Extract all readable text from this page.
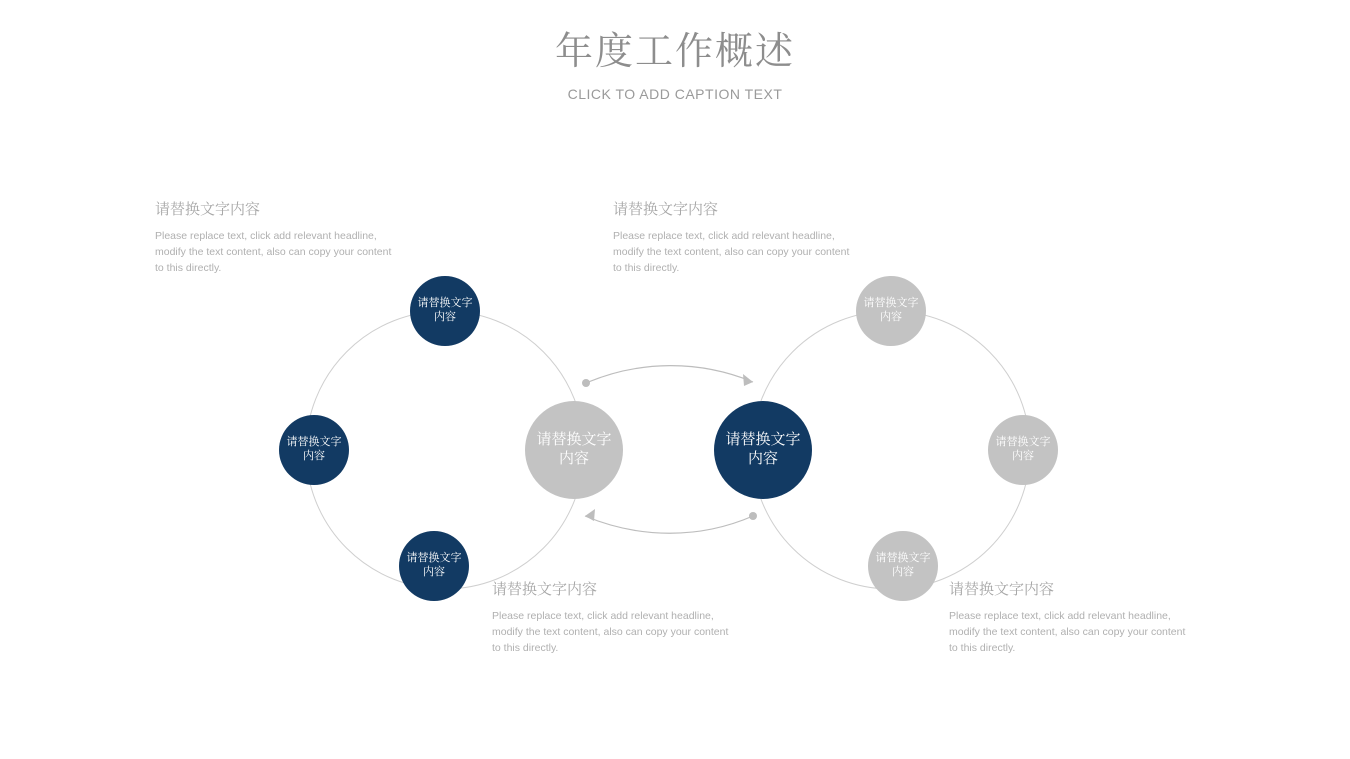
年度工作概述
CLICK TO ADD CAPTION TEXT
请替换文字内容
请替换文字内容
请替换文字内容
请替换文字内容
请替换文字内容
请替换文字内容
请替换文字内容
请替换文字内容
请替换文字内容
Please replace text, click add relevant headline, modify the text content, also can copy your content to this directly.
请替换文字内容
Please replace text, click add relevant headline, modify the text content, also can copy your content to this directly.
请替换文字内容
Please replace text, click add relevant headline, modify the text content, also can copy your content to this directly.
请替换文字内容
Please replace text, click add relevant headline, modify the text content, also can copy your content to this directly.
